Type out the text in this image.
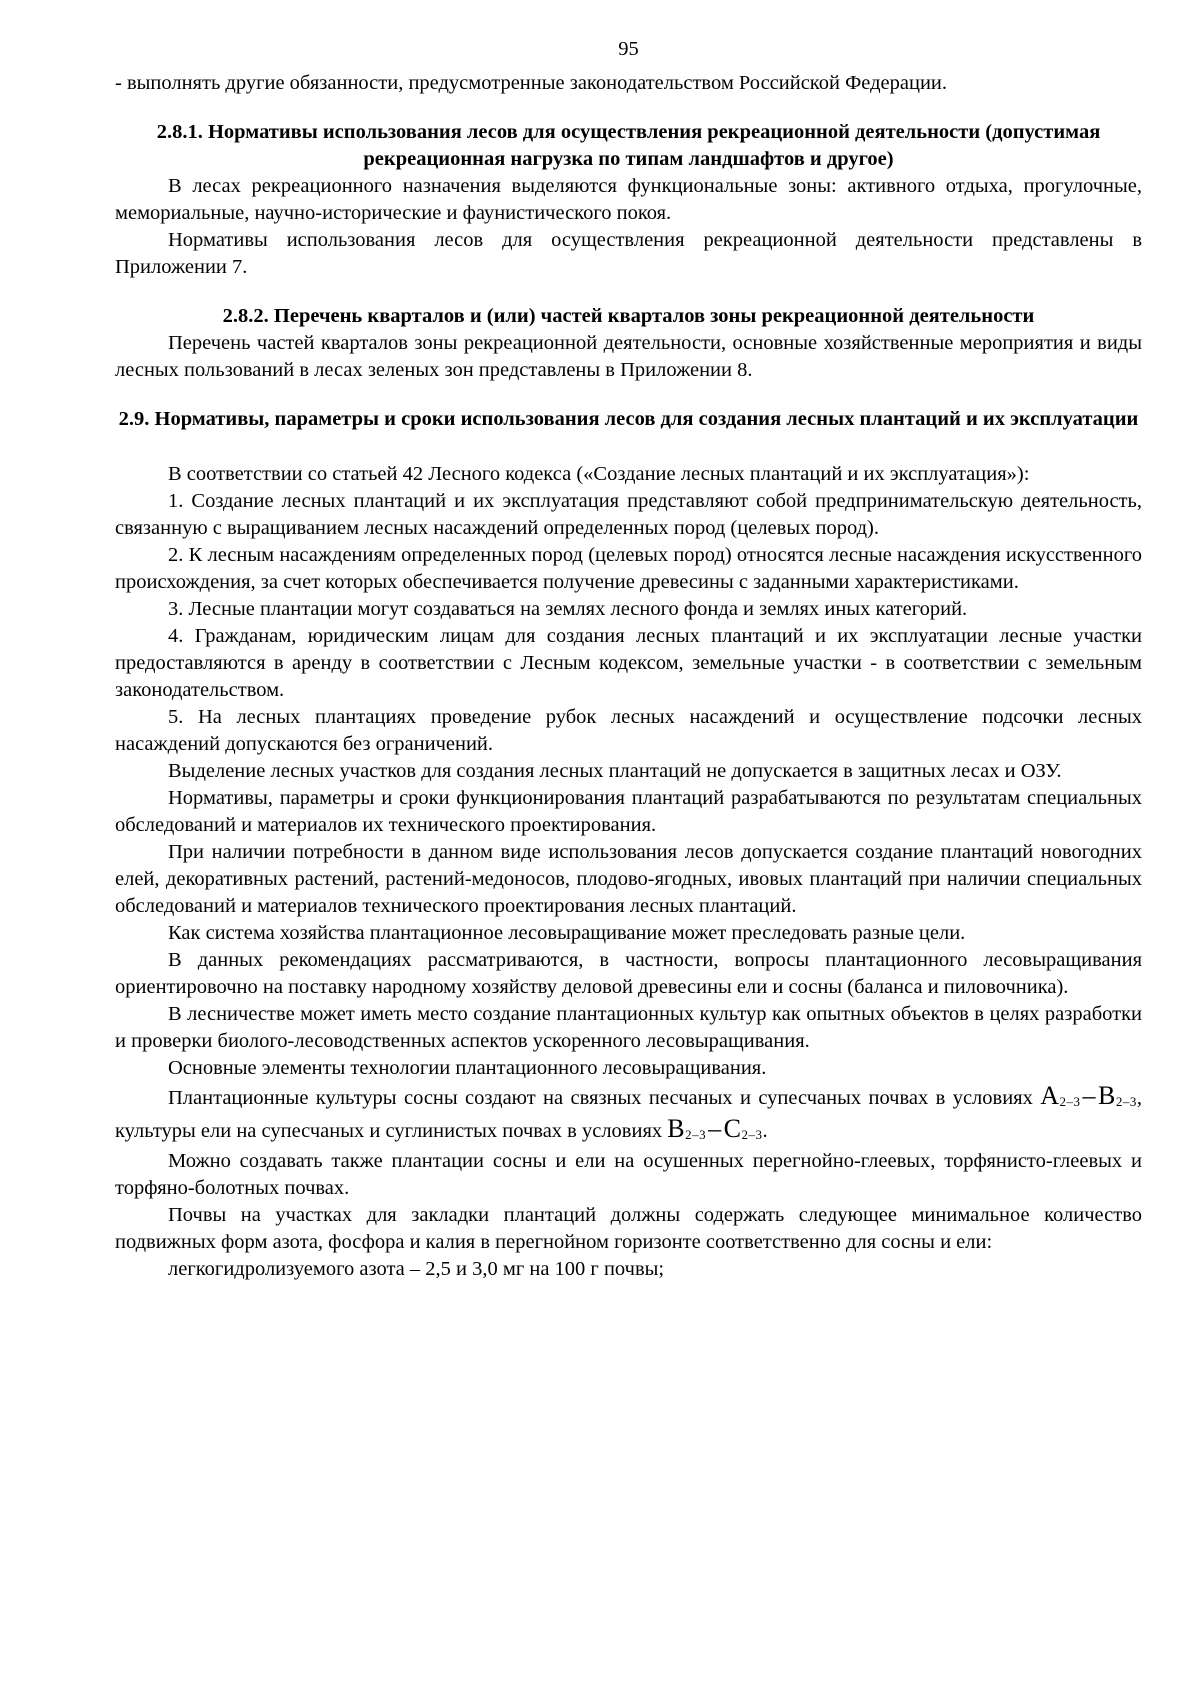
95

- выполнять другие обязанности, предусмотренные законодательством Российской Федерации.

2.8.1. Нормативы использования лесов для осуществления рекреационной деятельности (допустимая рекреационная нагрузка по типам ландшафтов и другое)

В лесах рекреационного назначения выделяются функциональные зоны: активного отдыха, прогулочные, мемориальные, научно-исторические и фаунистического покоя.

Нормативы использования лесов для осуществления рекреационной деятельности представлены в Приложении 7.

2.8.2. Перечень кварталов и (или) частей кварталов зоны рекреационной деятельности

Перечень частей кварталов зоны рекреационной деятельности, основные хозяйственные мероприятия и виды лесных пользований в лесах зеленых зон представлены в Приложении 8.

2.9. Нормативы, параметры и сроки использования лесов для создания лесных плантаций и их эксплуатации

В соответствии со статьей 42 Лесного кодекса («Создание лесных плантаций и их эксплуатация»):

1. Создание лесных плантаций и их эксплуатация представляют собой предпринимательскую деятельность, связанную с выращиванием лесных насаждений определенных пород (целевых пород).

2. К лесным насаждениям определенных пород (целевых пород) относятся лесные насаждения искусственного происхождения, за счет которых обеспечивается получение древесины с заданными характеристиками.

3. Лесные плантации могут создаваться на землях лесного фонда и землях иных категорий.

4. Гражданам, юридическим лицам для создания лесных плантаций и их эксплуатации лесные участки предоставляются в аренду в соответствии с Лесным кодексом, земельные участки - в соответствии с земельным законодательством.

5. На лесных плантациях проведение рубок лесных насаждений и осуществление подсочки лесных насаждений допускаются без ограничений.

Выделение лесных участков для создания лесных плантаций не допускается в защитных лесах и ОЗУ.

Нормативы, параметры и сроки функционирования плантаций разрабатываются по результатам специальных обследований и материалов их технического проектирования.

При наличии потребности в данном виде использования лесов допускается создание плантаций новогодних елей, декоративных растений, растений-медоносов, плодово-ягодных, ивовых плантаций при наличии специальных обследований и материалов технического проектирования лесных плантаций.

Как система хозяйства плантационное лесовыращивание может преследовать разные цели.

В данных рекомендациях рассматриваются, в частности, вопросы плантационного лесовыращивания ориентировочно на поставку народному хозяйству деловой древесины ели и сосны (баланса и пиловочника).

В лесничестве может иметь место создание плантационных культур как опытных объектов в целях разработки и проверки биолого-лесоводственных аспектов ускоренного лесовыращивания.

Основные элементы технологии плантационного лесовыращивания.

Плантационные культуры сосны создают на связных песчаных и супесчаных почвах в условиях $A_{2-3}-B_{2-3}$, культуры ели на супесчаных и суглинистых почвах в условиях $B_{2-3}-C_{2-3}$.

Можно создавать также плантации сосны и ели на осушенных перегнойно-глеевых, торфянисто-глеевых и торфяно-болотных почвах.

Почвы на участках для закладки плантаций должны содержать следующее минимальное количество подвижных форм азота, фосфора и калия в перегнойном горизонте соответственно для сосны и ели:

легкогидролизуемого азота – 2,5 и 3,0 мг на 100 г почвы;
